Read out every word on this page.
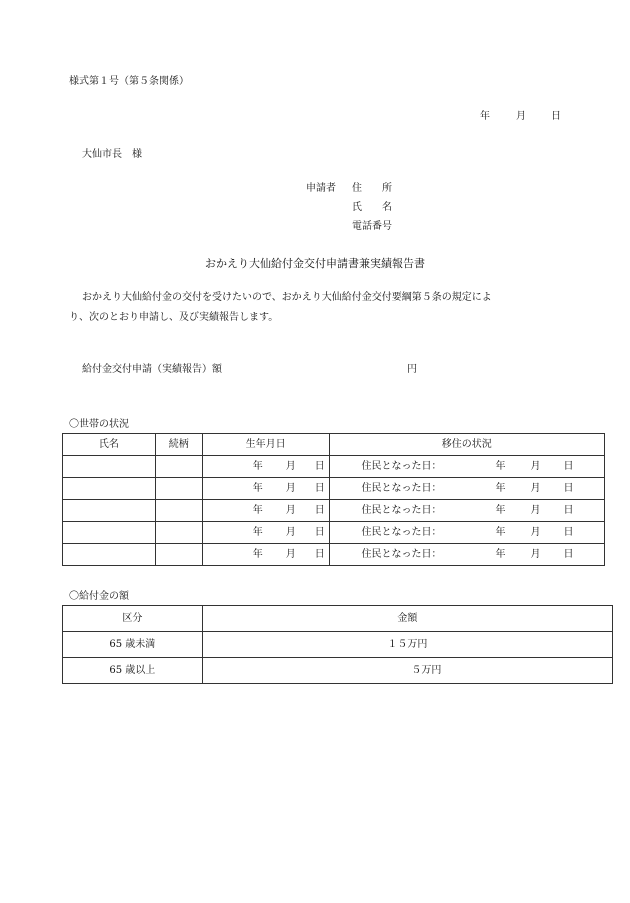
様式第１号（第５条関係）
年	月	日
大仙市長　様
申請者 住　　所
氏　　名
電話番号
おかえり大仙給付金交付申請書兼実績報告書
おかえり大仙給付金の交付を受けたいので、おかえり大仙給付金交付要綱第５条の規定によ
り、次のとおり申請し、及び実績報告します。
給付金交付申請（実績報告）額	円
〇世帯の状況
氏名	続柄	生年月日	移住の状況

		年 月 日	住民となった日： 年 月 日

		年 月 日	住民となった日： 年 月 日

		年 月 日	住民となった日： 年 月 日

		年 月 日	住民となった日： 年 月 日

		年 月 日	住民となった日： 年 月 日
〇給付金の額
区分	金額
65 歳未満	１５万円
65 歳以上	５万円
